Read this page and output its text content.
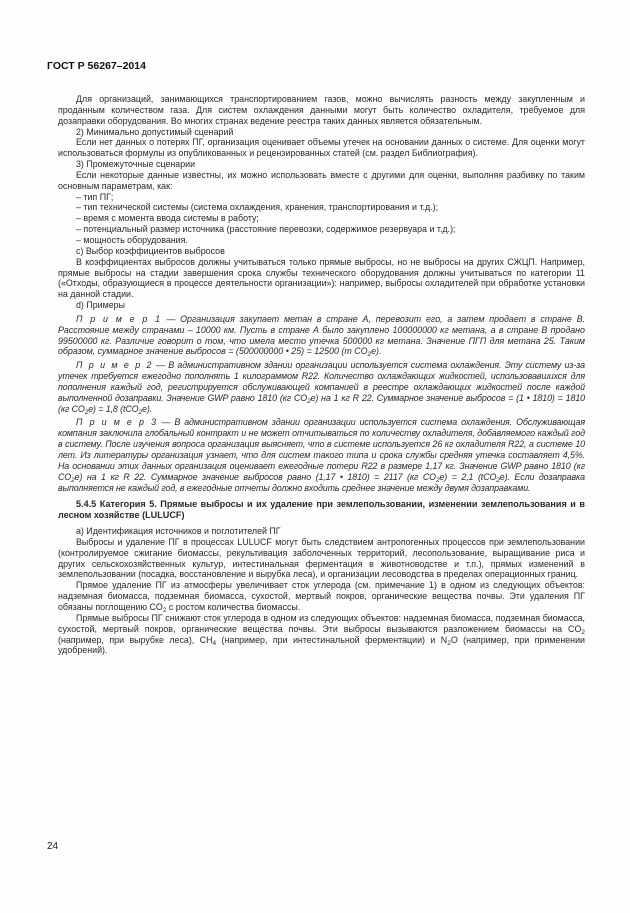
ГОСТ Р 56267–2014

Для организаций, занимающихся транспортированием газов, можно вычислять разность между закупленным и проданным количеством газа. Для систем охлаждения данными могут быть количество охладителя, требуемое для дозаправки оборудования. Во многих странах ведение реестра таких данных является обязательным.

2) Минимально допустимый сценарий

Если нет данных о потерях ПГ, организация оценивает объемы утечек на основании данных о системе. Для оценки могут использоваться формулы из опубликованных и рецензированных статей (см. раздел Библиография).

3) Промежуточные сценарии

Если некоторые данные известны, их можно использовать вместе с другими для оценки, выполняя разбивку по таким основным параметрам, как:

– тип ПГ;

– тип технической системы (система охлаждения, хранения, транспортирования и т.д.);

– время с момента ввода системы в работу;

– потенциальный размер источника (расстояние перевозки, содержимое резервуара и т.д.);

– мощность оборудования.

c) Выбор коэффициентов выбросов

В коэффициентах выбросов должны учитываться только прямые выбросы, но не выбросы на других СЖЦП. Например, прямые выбросы на стадии завершения срока службы технического оборудования должны учитываться по категории 11 («Отходы, образующиеся в процессе деятельности организации»): например, выбросы охладителей при обработке установки на данной стадии.

d) Примеры

П р и м е р 1 — Организация закупает метан в стране А, перевозит его, а затем продает в стране В. Расстояние между странами – 10000 км. Пусть в стране А было закуплено 100000000 кг метана, а в стране В продано 99500000 кг. Различие говорит о том, что имела место утечка 500000 кг метана. Значение ПГП для метана 25. Таким образом, суммарное значение выбросов = (500000000 • 25) = 12500 (m $CO_2e$).

П р и м е р 2 — В административном здании организации используется система охлаждения. Эту систему из-за утечек требуется ежегодно пополнять 1 килограммом R22. Количество охлаждающих жидкостей, использовавшихся для пополнения каждый год, регистрируется обслуживающей компанией в реестре охлаждающих жидкостей после каждой выполненной дозаправки. Значение GWP равно 1810 (кг $CO_2e$) на 1 кг R 22. Суммарное значение выбросов = (1 • 1810) = 1810 (кг $CO_2e) = 1,8$ (tCO$_2$e).

П р и м е р 3 — В административном здании организации используется система охлаждения. Обслуживающая компания заключила глобальный контракт и не может отчитываться по количеству охладителя, добавляемого каждый год в систему. После изучения вопроса организация выясняет, что в системе используется 26 кг охладителя R22, а системе 10 лет. Из литературы организация узнает, что для систем такого типа и срока службы средняя утечка составляет 4,5%. На основании этих данных организация оценивает ежегодные потери R22 в размере 1,17 кг. Значение GWP равно 1810 (кг $CO_2e$) на 1 кг R 22. Суммарное значение выбросов равно (1,17 • 1810) = 2117 (кг $CO_2e) = 2,1$ (tCO$_2$e). Если дозаправка выполняется не каждый год, в ежегодные отчеты должно входить среднее значение между двумя дозаправками.

5.4.5 Категория 5. Прямые выбросы и их удаление при землепользовании, изменении землепользования и в лесном хозяйстве (LULUCF)

a) Идентификация источников и поглотителей ПГ

Выбросы и удаление ПГ в процессах LULUCF могут быть следствием антропогенных процессов при землепользовании (контролируемое сжигание биомассы, рекультивация заболоченных территорий, лесопользование, выращивание риса и других сельскохозяйственных культур, интестинальная ферментация в животноводстве и т.п.), прямых изменений в землепользовании (посадка, восстановление и вырубка леса), и организации лесоводства в пределах операционных границ.

Прямое удаление ПГ из атмосферы увеличивает сток углерода (см. примечание 1) в одном из следующих объектов: надземная биомасса, подземная биомасса, сухостой, мертвый покров, органические вещества почвы. Эти удаления ПГ обязаны поглощению $CO_2$ с ростом количества биомассы.

Прямые выбросы ПГ снижают сток углерода в одном из следующих объектов: надземная биомасса, подземная биомасса, сухостой, мертвый покров, органические вещества почвы. Эти выбросы вызываются разложением биомассы на $CO_2$ (например, при вырубке леса), $CH_4$ (например, при интестинальной ферментации) и $N_2O$ (например, при применении удобрений).

24
